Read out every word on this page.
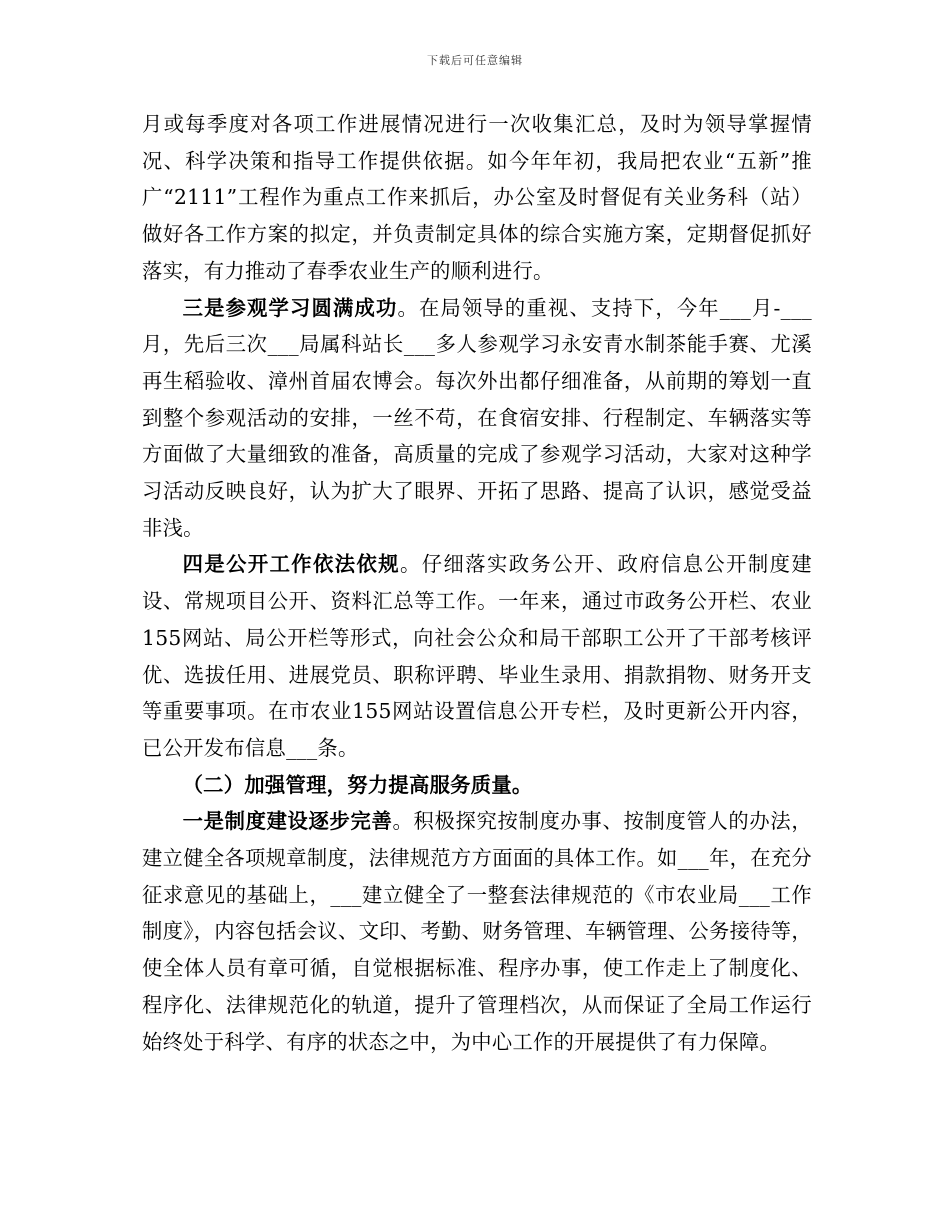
下载后可任意编辑

月或每季度对各项工作进展情况进行一次收集汇总，及时为领导掌握情况、科学决策和指导工作提供依据。如今年年初，我局把农业“五新”推广“2111”工程作为重点工作来抓后，办公室及时督促有关业务科（站）做好各工作方案的拟定，并负责制定具体的综合实施方案，定期督促抓好落实，有力推动了春季农业生产的顺利进行。

三是参观学习圆满成功。在局领导的重视、支持下，今年___月-___月，先后三次___局属科站长___多人参观学习永安青水制茶能手赛、尤溪再生稻验收、漳州首届农博会。每次外出都仔细准备，从前期的筹划一直到整个参观活动的安排，一丝不苟，在食宿安排、行程制定、车辆落实等方面做了大量细致的准备，高质量的完成了参观学习活动，大家对这种学习活动反映良好，认为扩大了眼界、开拓了思路、提高了认识，感觉受益非浅。

四是公开工作依法依规。仔细落实政务公开、政府信息公开制度建设、常规项目公开、资料汇总等工作。一年来，通过市政务公开栏、农业155网站、局公开栏等形式，向社会公众和局干部职工公开了干部考核评优、选拔任用、进展党员、职称评聘、毕业生录用、捐款捐物、财务开支等重要事项。在市农业155网站设置信息公开专栏，及时更新公开内容，已公开发布信息___条。

（二）加强管理，努力提高服务质量。

一是制度建设逐步完善。积极探究按制度办事、按制度管人的办法，建立健全各项规章制度，法律规范方方面面的具体工作。如___年，在充分征求意见的基础上，___建立健全了一整套法律规范的《市农业局___工作制度》，内容包括会议、文印、考勤、财务管理、车辆管理、公务接待等，使全体人员有章可循，自觉根据标准、程序办事，使工作走上了制度化、程序化、法律规范化的轨道，提升了管理档次，从而保证了全局工作运行始终处于科学、有序的状态之中，为中心工作的开展提供了有力保障。
